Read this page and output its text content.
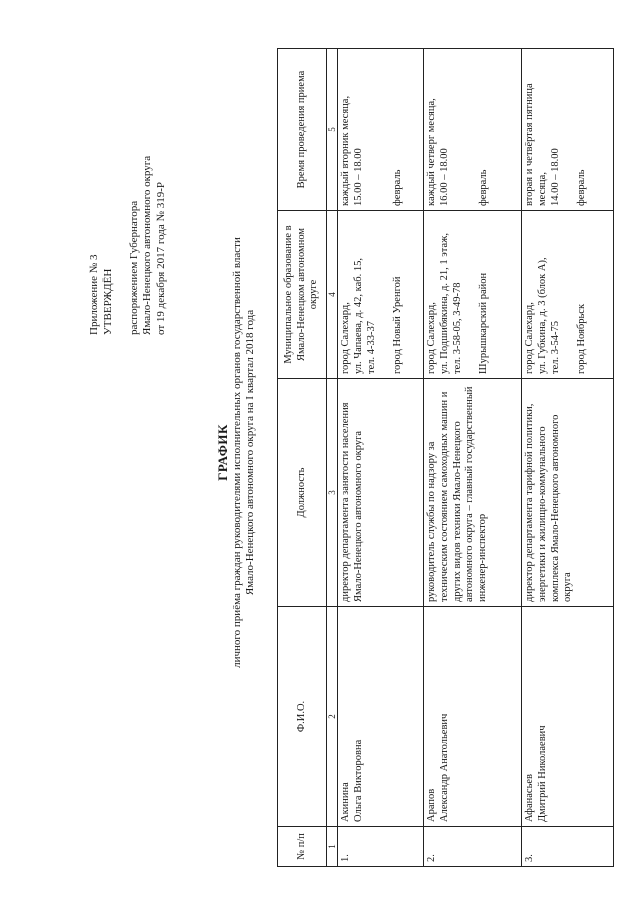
Приложение № 3 УТВЕРЖДЁН распоряжением Губернатора Ямало-Ненецкого автономного округа от 19 декабря 2017 года № 319-Р
ГРАФИК личного приёма граждан руководителями исполнительных органов государственной власти Ямало-Ненецкого автономного округа на I квартал 2018 года
№ п/п	Ф.И.О.	Должность	Муниципальное образование в Ямало-Ненецком автономном округе	Время проведения приема
1	2	3	4	5
1.	Акинина Ольга Викторовна	директор департамента занятости населения Ямало-Ненецкого автономного округа	город Салехард, ул. Чапаева, д. 42, каб. 15, тел. 4-33-37 город Новый Уренгой	каждый вторник месяца, 15.00 – 18.00 февраль

2.	Арапов Александр Анатольевич	руководитель службы по надзору за техническим состоянием самоходных машин и других видов техники Ямало-Ненецкого автономного округа – главный государственный инженер-инспектор	город Салехард, ул. Подшибякина, д. 21, 1 этаж, тел. 3-58-05, 3-49-78 Шурышкарский район	каждый четверг месяца, 16.00 – 18.00 февраль

3.	Афанасьев Дмитрий Николаевич	директор департамента тарифной политики, энергетики и жилищно-коммунального комплекса Ямало-Ненецкого автономного округа	город Салехард, ул. Губкина, д. 3 (блок А), тел. 3-54-75 город Ноябрьск	вторая и четвёртая пятница месяца, 14.00 – 18.00 февраль
